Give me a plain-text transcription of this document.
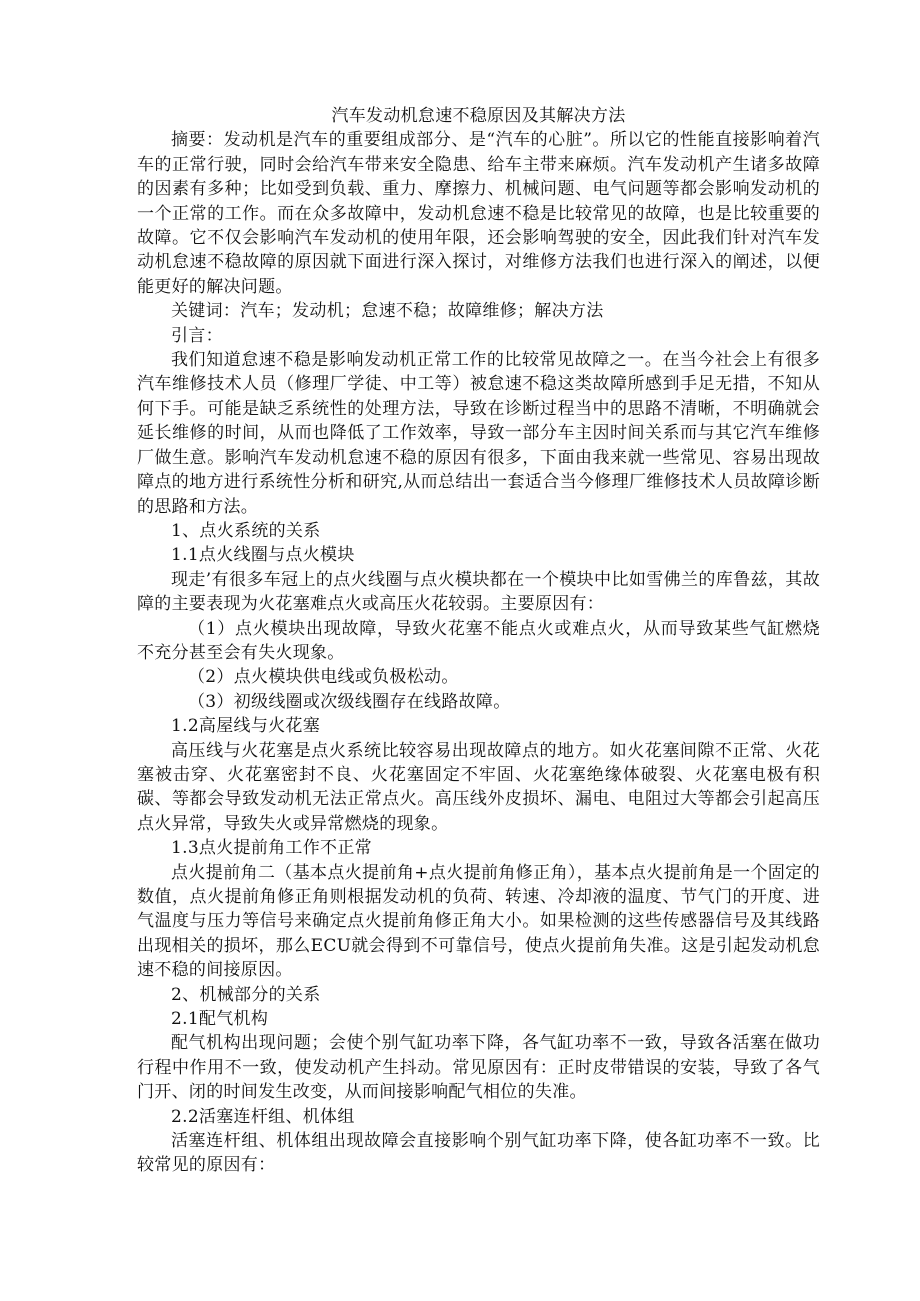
汽车发动机怠速不稳原因及其解决方法

摘要：发动机是汽车的重要组成部分、是“汽车的心脏”。所以它的性能直接影响着汽车的正常行驶，同时会给汽车带来安全隐患、给车主带来麻烦。汽车发动机产生诸多故障的因素有多种；比如受到负载、重力、摩擦力、机械问题、电气问题等都会影响发动机的一个正常的工作。而在众多故障中，发动机怠速不稳是比较常见的故障，也是比较重要的故障。它不仅会影响汽车发动机的使用年限，还会影响驾驶的安全，因此我们针对汽车发动机怠速不稳故障的原因就下面进行深入探讨，对维修方法我们也进行深入的阐述，以便能更好的解决问题。

关键词：汽车；发动机；怠速不稳；故障维修；解决方法

引言：

我们知道怠速不稳是影响发动机正常工作的比较常见故障之一。在当今社会上有很多汽车维修技术人员（修理厂学徒、中工等）被怠速不稳这类故障所感到手足无措，不知从何下手。可能是缺乏系统性的处理方法，导致在诊断过程当中的思路不清晰，不明确就会延长维修的时间，从而也降低了工作效率，导致一部分车主因时间关系而与其它汽车维修厂做生意。影响汽车发动机怠速不稳的原因有很多，下面由我来就一些常见、容易出现故障点的地方进行系统性分析和研究,从而总结出一套适合当今修理厂维修技术人员故障诊断的思路和方法。

1、点火系统的关系

1.1点火线圈与点火模块

现走’有很多车冠上的点火线圈与点火模块都在一个模块中比如雪佛兰的库鲁兹，其故障的主要表现为火花塞难点火或高压火花较弱。主要原因有：

（1）点火模块出现故障，导致火花塞不能点火或难点火，从而导致某些气缸燃烧不充分甚至会有失火现象。

（2）点火模块供电线或负极松动。

（3）初级线圈或次级线圈存在线路故障。

1.2高屋线与火花塞

高压线与火花塞是点火系统比较容易出现故障点的地方。如火花塞间隙不正常、火花塞被击穿、火花塞密封不良、火花塞固定不牢固、火花塞绝缘体破裂、火花塞电极有积碳、等都会导致发动机无法正常点火。高压线外皮损坏、漏电、电阻过大等都会引起高压点火异常，导致失火或异常燃烧的现象。

1.3点火提前角工作不正常

点火提前角二（基本点火提前角+点火提前角修正角），基本点火提前角是一个固定的数值，点火提前角修正角则根据发动机的负荷、转速、冷却液的温度、节气门的开度、进气温度与压力等信号来确定点火提前角修正角大小。如果检测的这些传感器信号及其线路出现相关的损坏，那么ECU就会得到不可靠信号，使点火提前角失准。这是引起发动机怠速不稳的间接原因。

2、机械部分的关系

2.1配气机构

配气机构出现问题；会使个别气缸功率下降，各气缸功率不一致，导致各活塞在做功行程中作用不一致，使发动机产生抖动。常见原因有：正时皮带错误的安装，导致了各气门开、闭的时间发生改变，从而间接影响配气相位的失准。

2.2活塞连杆组、机体组

活塞连杆组、机体组出现故障会直接影响个别气缸功率下降，使各缸功率不一致。比较常见的原因有：
